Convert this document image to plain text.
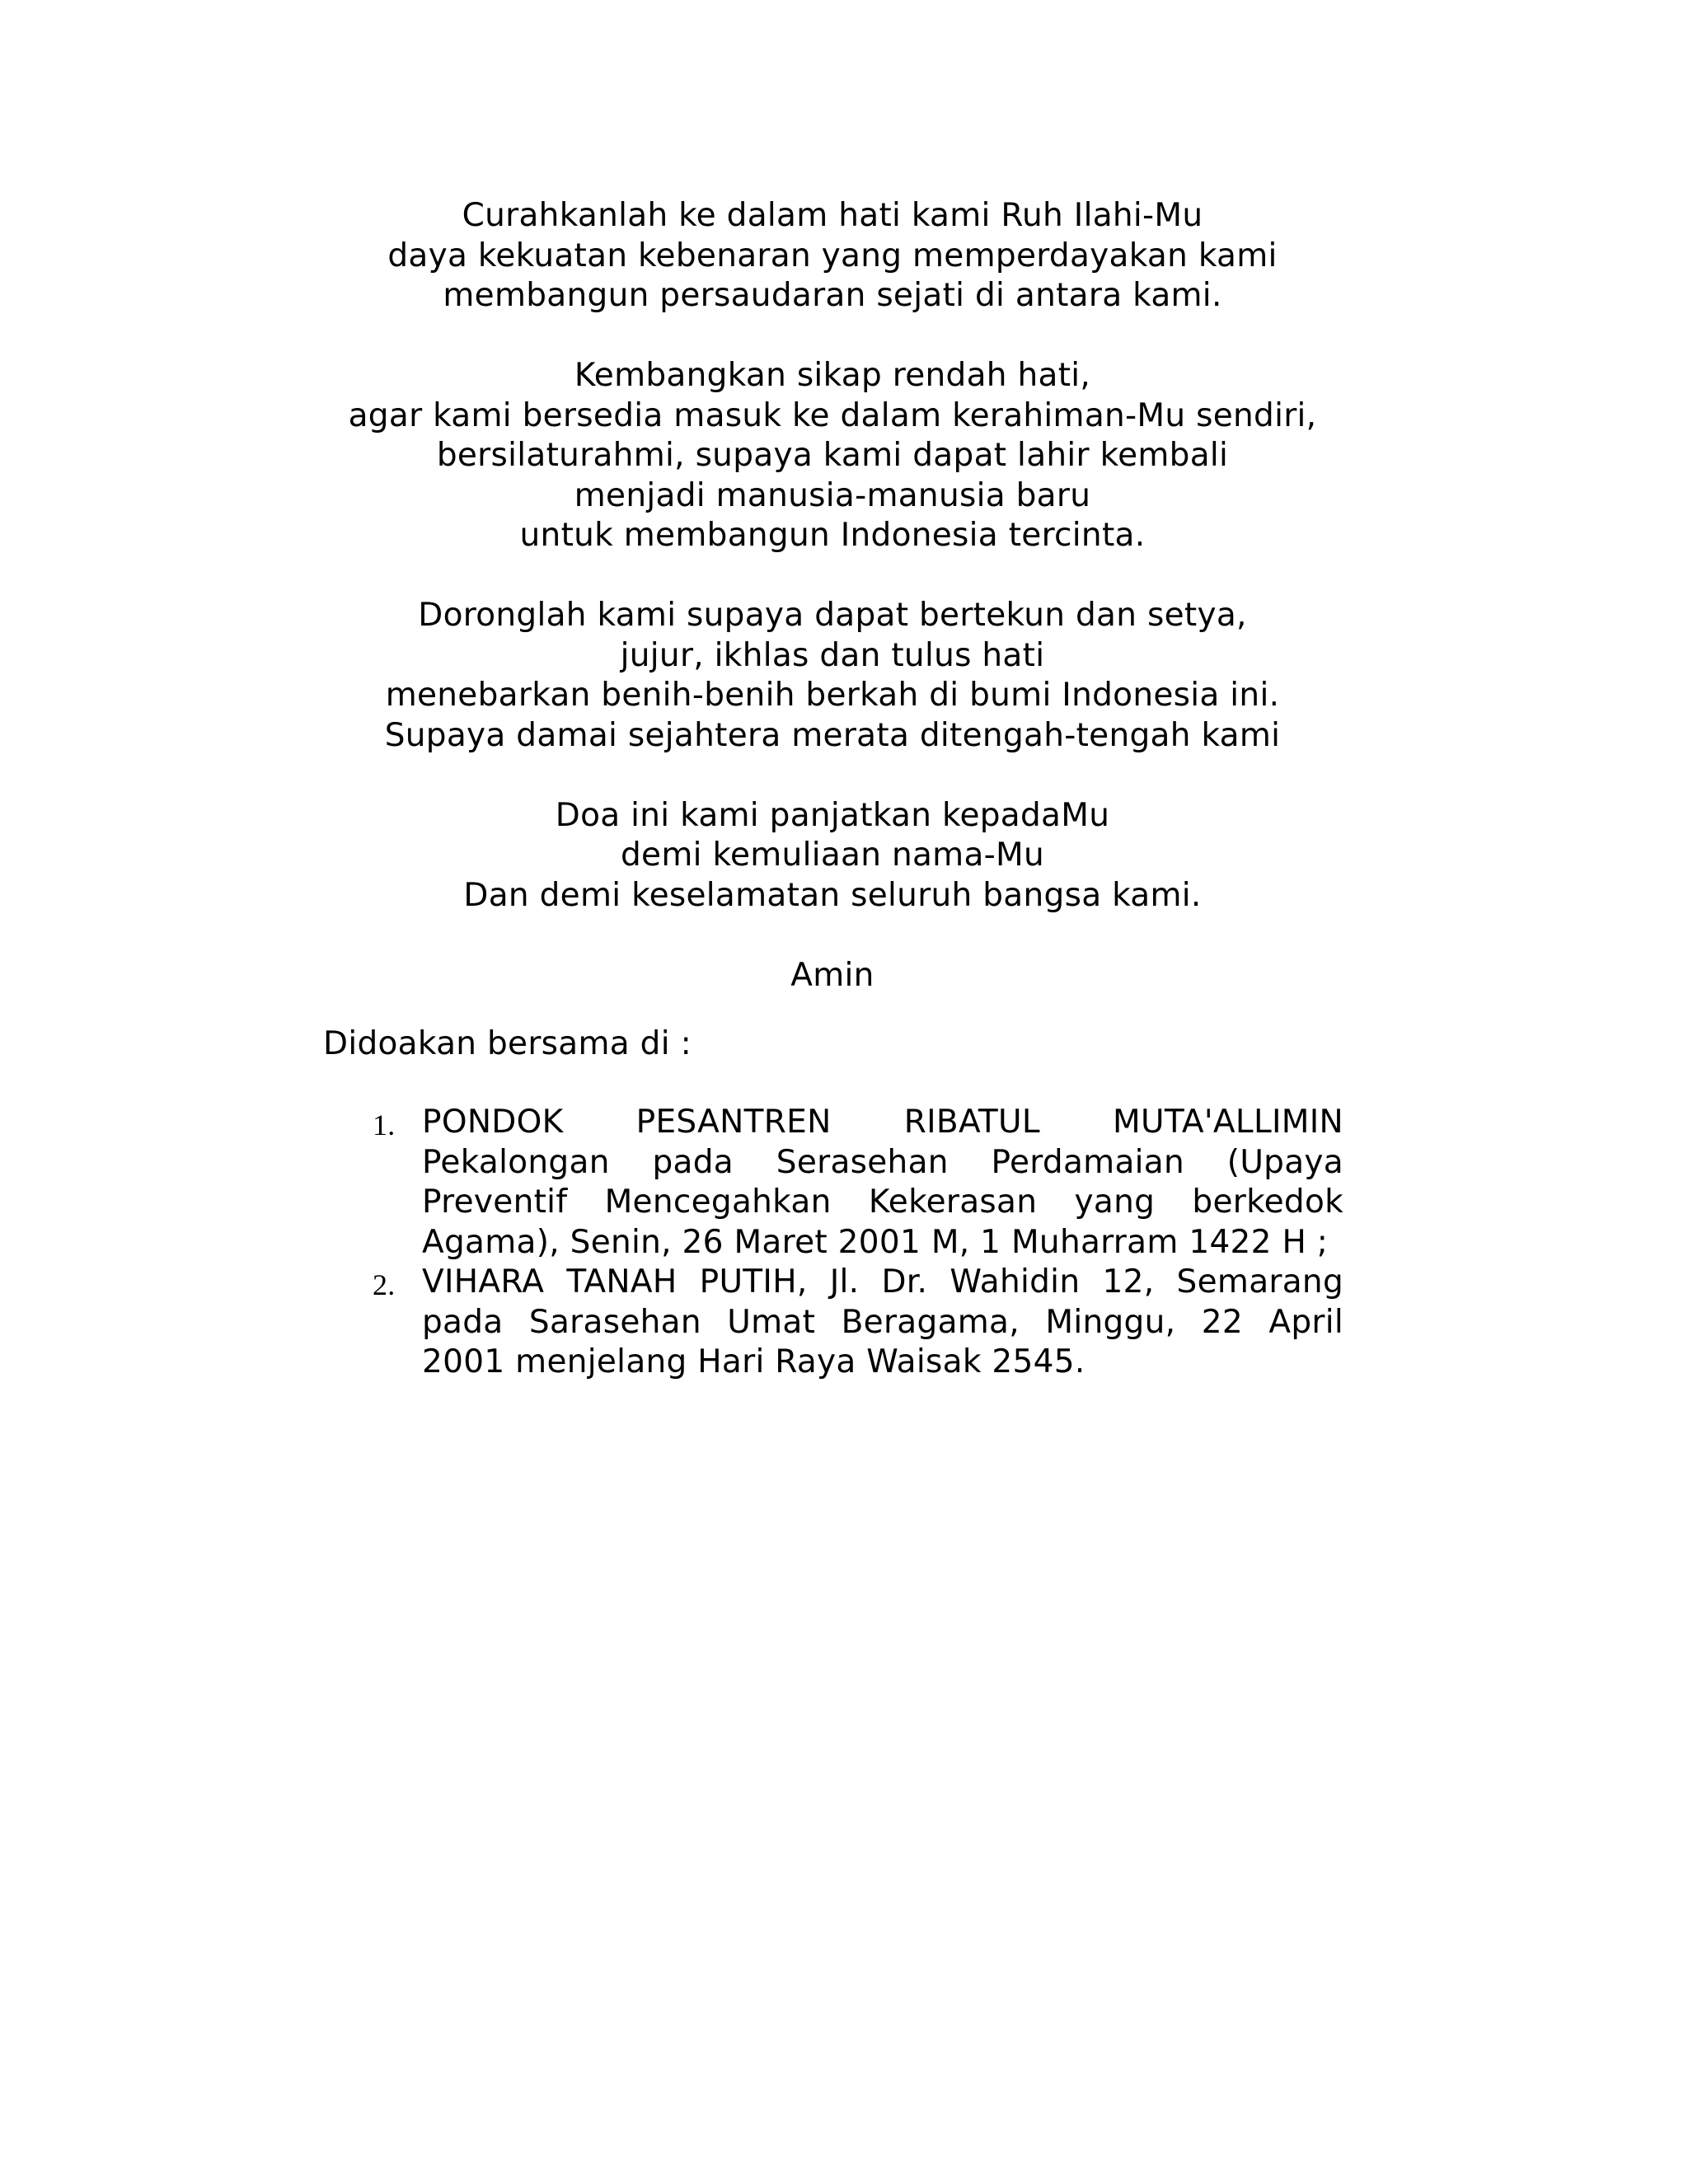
Curahkanlah ke dalam hati kami Ruh Ilahi-Mu
daya kekuatan kebenaran yang memperdayakan kami
membangun persaudaran sejati di antara kami.

Kembangkan sikap rendah hati,
agar kami bersedia masuk ke dalam kerahiman-Mu sendiri,
bersilaturahmi, supaya kami dapat lahir kembali
menjadi manusia-manusia baru
untuk membangun Indonesia tercinta.

Doronglah kami supaya dapat bertekun dan setya,
jujur, ikhlas dan tulus hati
menebarkan benih-benih berkah di bumi Indonesia ini.
Supaya damai sejahtera merata ditengah-tengah kami

Doa ini kami panjatkan kepadaMu
demi kemuliaan nama-Mu
Dan demi keselamatan seluruh bangsa kami.

Amin
Didoakan bersama di :
1. PONDOK PESANTREN RIBATUL MUTA'ALLIMIN Pekalongan pada Serasehan Perdamaian (Upaya Preventif Mencegahkan Kekerasan yang berkedok Agama), Senin, 26 Maret 2001 M, 1 Muharram 1422 H ;
2. VIHARA TANAH PUTIH, Jl. Dr. Wahidin 12, Semarang pada Sarasehan Umat Beragama, Minggu, 22 April 2001 menjelang Hari Raya Waisak 2545.
